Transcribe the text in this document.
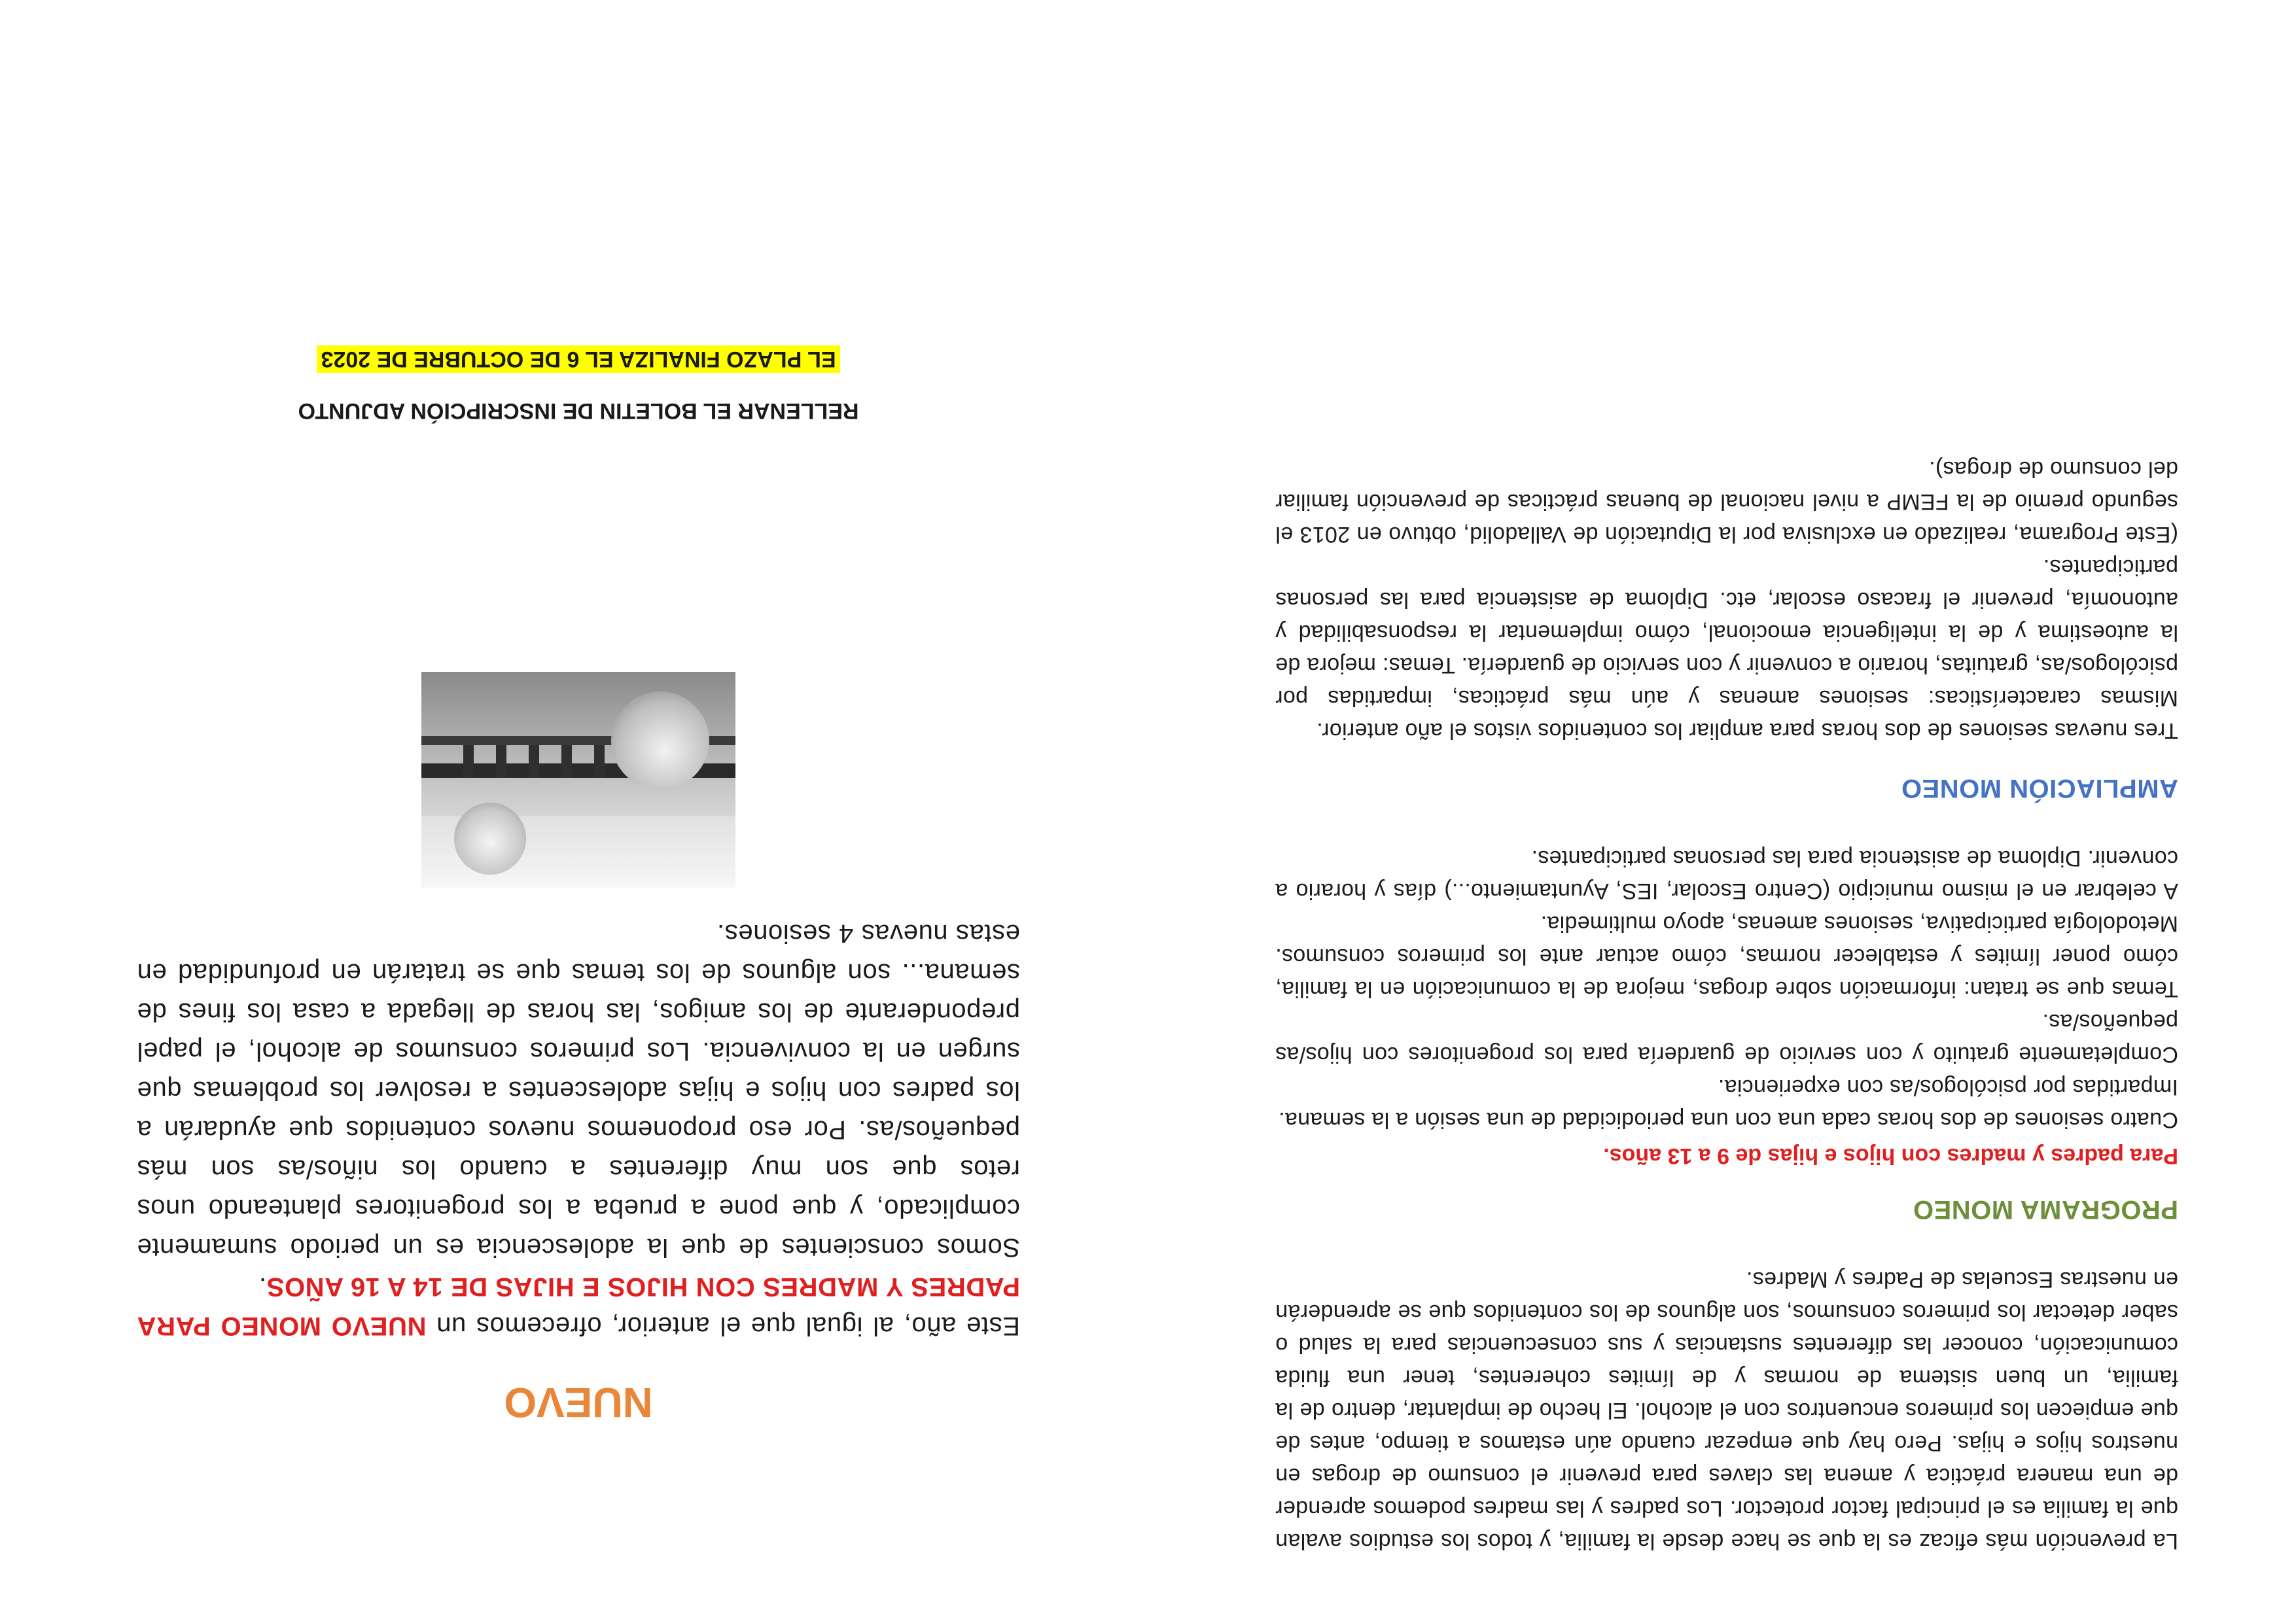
La prevención más eficaz es la que se hace desde la familia, y todos los estudios avalan que la familia es el principal factor protector. Los padres y las madres podemos aprender de una manera práctica y amena las claves para prevenir el consumo de drogas en nuestros hijos e hijas. Pero hay que empezar cuando aún estamos a tiempo, antes de que empiecen los primeros encuentros con el alcohol. El hecho de implantar, dentro de la familia, un buen sistema de normas y de límites coherentes, tener una fluida comunicación, conocer las diferentes sustancias y sus consecuencias para la salud o saber detectar los primeros consumos, son algunos de los contenidos que se aprenderán en nuestras Escuelas de Padres y Madres.

PROGRAMA MONEO

Para padres y madres con hijos e hijas de 9 a 13 años.

Cuatro sesiones de dos horas cada una con una periodicidad de una sesión a la semana.

Impartidas por psicólogos/as con experiencia.

Completamente gratuito y con servicio de guardería para los progenitores con hijos/as pequeños/as.

Temas que se tratan: información sobre drogas, mejora de la comunicación en la familia, cómo poner límites y establecer normas, cómo actuar ante los primeros consumos. Metodología participativa, sesiones amenas, apoyo multimedia.

A celebrar en el mismo municipio (Centro Escolar, IES, Ayuntamiento...) días y horario a convenir. Diploma de asistencia para las personas participantes.

AMPLIACIÓN MONEO

Tres nuevas sesiones de dos horas para ampliar los contenidos vistos el año anterior.

Mismas características: sesiones amenas y aún más prácticas, impartidas por psicólogos/as, gratuitas, horario a convenir y con servicio de guardería. Temas: mejora de la autoestima y de la inteligencia emocional, cómo implementar la responsabilidad y autonomía, prevenir el fracaso escolar, etc. Diploma de asistencia para las personas participantes.

(Este Programa, realizado en exclusiva por la Diputación de Valladolid, obtuvo en 2013 el segundo premio de la FEMP a nivel nacional de buenas prácticas de prevención familiar del consumo de drogas).

NUEVO

Este año, al igual que el anterior, ofrecemos un NUEVO MONEO PARA PADRES Y MADRES CON HIJOS E HIJAS DE 14 A 16 AÑOS.

Somos conscientes de que la adolescencia es un periodo sumamente complicado, y que pone a prueba a los progenitores planteando unos retos que son muy diferentes a cuando los niños/as son más pequeños/as. Por eso proponemos nuevos contenidos que ayudarán a los padres con hijos e hijas adolescentes a resolver los problemas que surgen en la convivencia. Los primeros consumos de alcohol, el papel preponderante de los amigos, las horas de llegada a casa los fines de semana... son algunos de los temas que se tratarán en profundidad en estas nuevas 4 sesiones.

RELLENAR EL BOLETIN DE INSCRIPCIÓN ADJUNTO

EL PLAZO FINALIZA EL 6 DE OCTUBRE DE 2023
